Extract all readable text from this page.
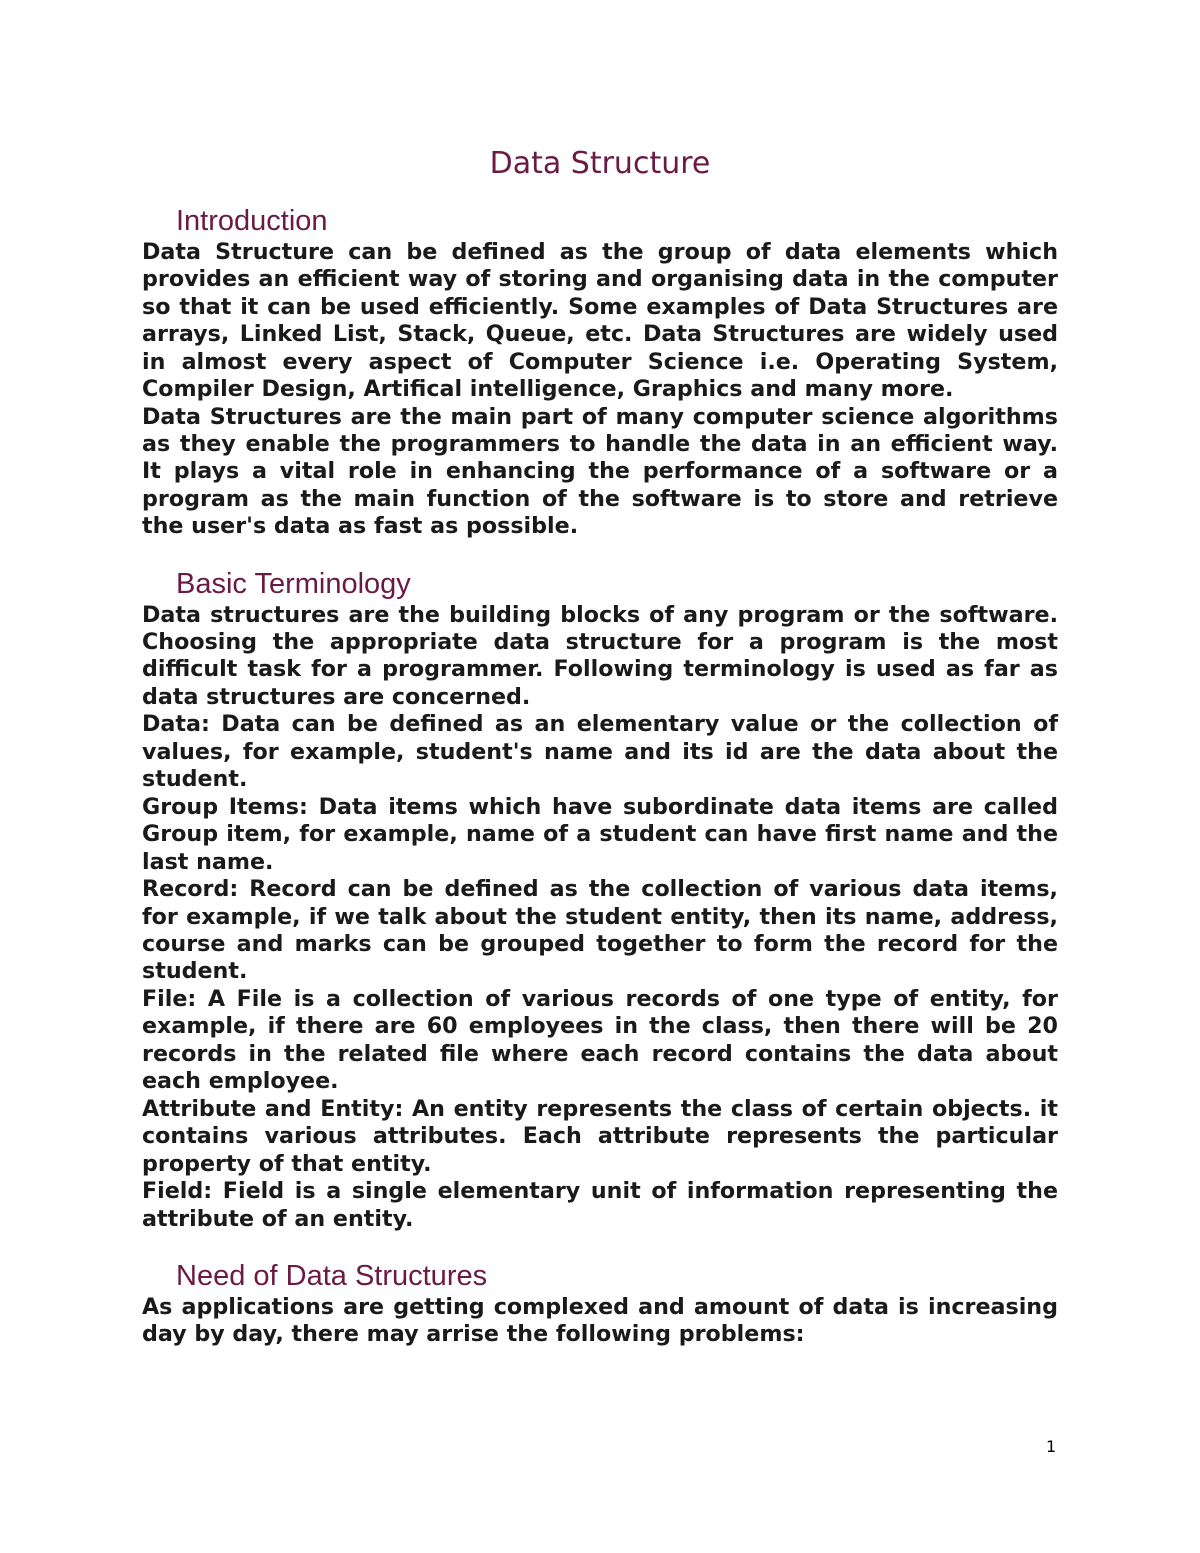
Data Structure
Introduction

Data Structure can be defined as the group of data elements which provides an efficient way of storing and organising data in the computer so that it can be used efficiently. Some examples of Data Structures are arrays, Linked List, Stack, Queue, etc. Data Structures are widely used in almost every aspect of Computer Science i.e. Operating System, Compiler Design, Artifical intelligence, Graphics and many more.

Data Structures are the main part of many computer science algorithms as they enable the programmers to handle the data in an efficient way. It plays a vital role in enhancing the performance of a software or a program as the main function of the software is to store and retrieve the user's data as fast as possible.

Basic Terminology

Data structures are the building blocks of any program or the software. Choosing the appropriate data structure for a program is the most difficult task for a programmer. Following terminology is used as far as data structures are concerned.

Data: Data can be defined as an elementary value or the collection of values, for example, student's name and its id are the data about the student.

Group Items: Data items which have subordinate data items are called Group item, for example, name of a student can have first name and the last name.

Record: Record can be defined as the collection of various data items, for example, if we talk about the student entity, then its name, address, course and marks can be grouped together to form the record for the student.

File: A File is a collection of various records of one type of entity, for example, if there are 60 employees in the class, then there will be 20 records in the related file where each record contains the data about each employee.

Attribute and Entity: An entity represents the class of certain objects. it contains various attributes. Each attribute represents the particular property of that entity.

Field: Field is a single elementary unit of information representing the attribute of an entity.

Need of Data Structures

As applications are getting complexed and amount of data is increasing day by day, there may arrise the following problems:

1
